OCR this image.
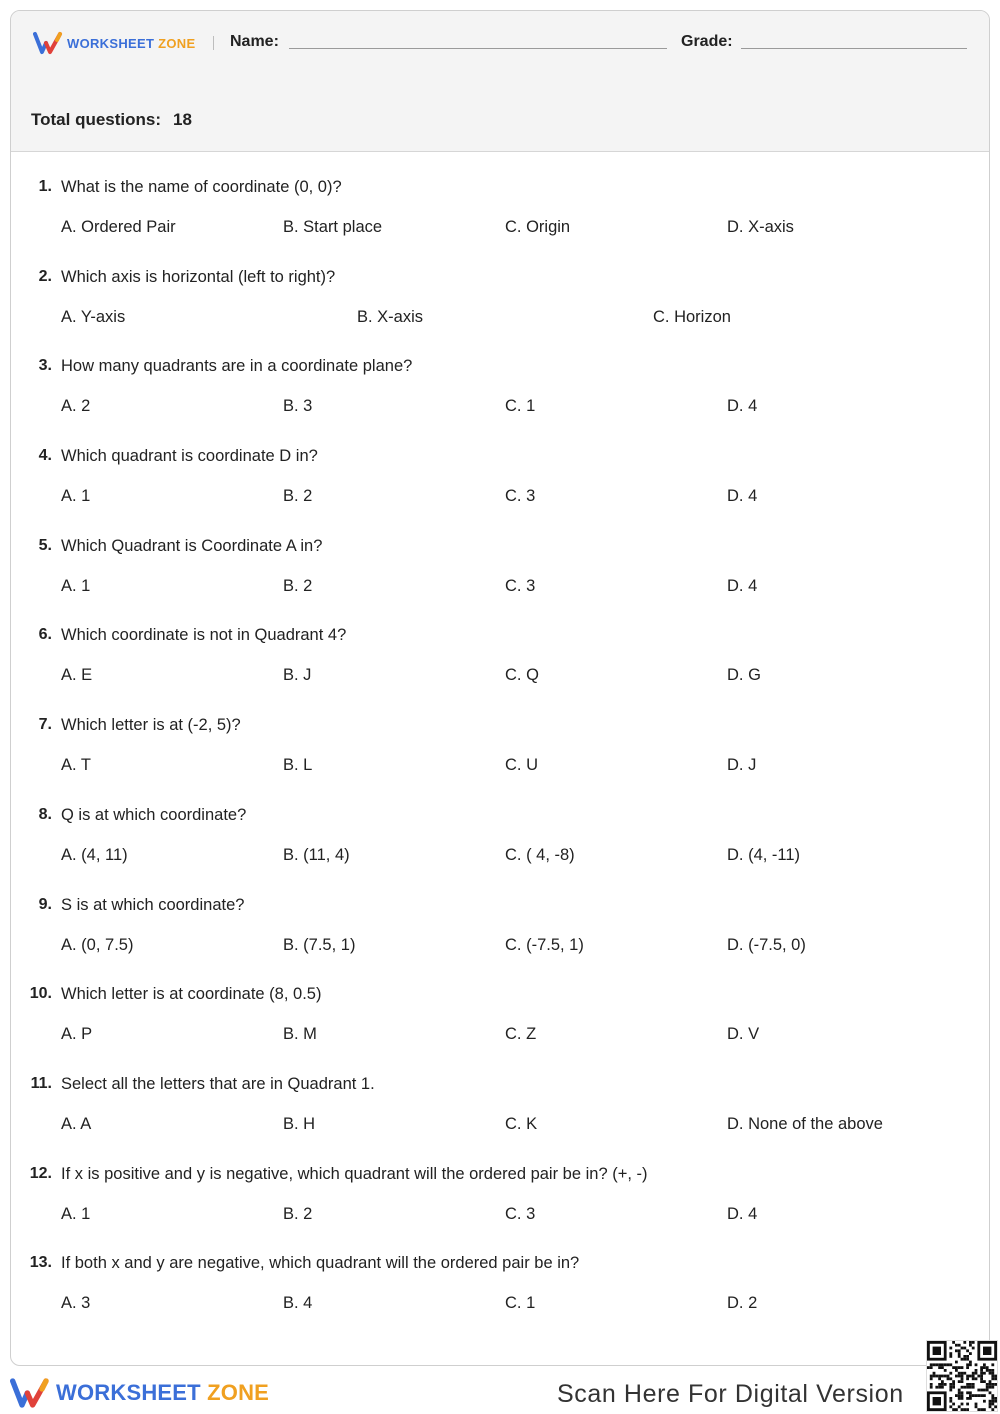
WORKSHEET ZONE Name:	Grade:
Total questions: 18
1. What is the name of coordinate (0, 0)?
A. Ordered Pair	B. Start place	C. Origin	D. X-axis
2. Which axis is horizontal (left to right)?
A. Y-axis	B. X-axis	C. Horizon
3. How many quadrants are in a coordinate plane?
A. 2	B. 3	C. 1	D. 4
4. Which quadrant is coordinate D in?
A. 1	B. 2	C. 3	D. 4
5. Which Quadrant is Coordinate A in?
A. 1	B. 2	C. 3	D. 4
6. Which coordinate is not in Quadrant 4?
A. E	B. J	C. Q	D. G
7. Which letter is at (-2, 5)?
A. T	B. L	C. U	D. J
8. Q is at which coordinate?
A. (4, 11)	B. (11, 4)	C. ( 4, -8)	D. (4, -11)
9. S is at which coordinate?
A. (0, 7.5)	B. (7.5, 1)	C. (-7.5, 1)	D. (-7.5, 0)
10. Which letter is at coordinate (8, 0.5)
A. P	B. M	C. Z	D. V
11. Select all the letters that are in Quadrant 1.
A. A	B. H	C. K	D. None of the above
12. If x is positive and y is negative, which quadrant will the ordered pair be in? (+, -)
A. 1	B. 2	C. 3	D. 4
13. If both x and y are negative, which quadrant will the ordered pair be in?
A. 3	B. 4	C. 1	D. 2
WORKSHEET ZONE	Scan Here For Digital Version
